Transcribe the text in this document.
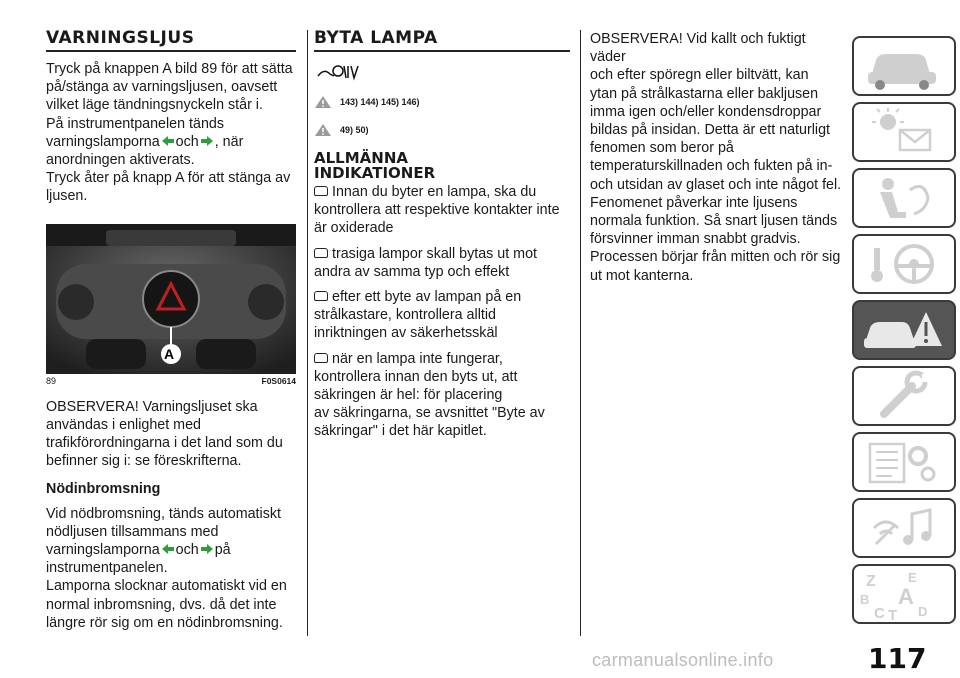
VARNINGSLJUS

Tryck på knappen A bild 89 för att sätta

på/stänga av varningsljusen, oavsett

vilket läge tändningsnyckeln står i.

På instrumentpanelen tänds

varningslamporna och , när

anordningen aktiverats.

Tryck åter på knapp A för att stänga av

ljusen.

A
89	F0S0614

OBSERVERA! Varningsljuset ska

användas i enlighet med

trafikförordningarna i det land som du

befinner sig i: se föreskrifterna.

Nödinbromsning

Vid nödbromsning, tänds automatiskt

nödljusen tillsammans med

varningslamporna och på

instrumentpanelen.

Lamporna slocknar automatiskt vid en

normal inbromsning, dvs. då det inte

längre rör sig om en nödinbromsning.

BYTA LAMPA
143) 144) 145) 146)
49) 50)
ALLMÄNNA
INDIKATIONER

Innan du byter en lampa, ska du

kontrollera att respektive kontakter inte

är oxiderade

trasiga lampor skall bytas ut mot

andra av samma typ och effekt

efter ett byte av lampan på en

strålkastare, kontrollera alltid

inriktningen av säkerhetsskäl

när en lampa inte fungerar,

kontrollera innan den byts ut, att

säkringen är hel: för placering

av säkringarna, se avsnittet "Byte av

säkringar" i det här kapitlet.

OBSERVERA! Vid kallt och fuktigt väder

och efter spöregn eller biltvätt, kan

ytan på strålkastarna eller bakljusen

imma igen och/eller kondensdroppar

bildas på insidan. Detta är ett naturligt

fenomen som beror på

temperaturskillnaden och fukten på in-

och utsidan av glaset och inte något fel.

Fenomenet påverkar inte ljusens

normala funktion. Så snart ljusen tänds

försvinner imman snabbt gradvis.

Processen börjar från mitten och rör sig

ut mot kanterna.

Z E
B A
C T D
117
carmanualsonline.info
